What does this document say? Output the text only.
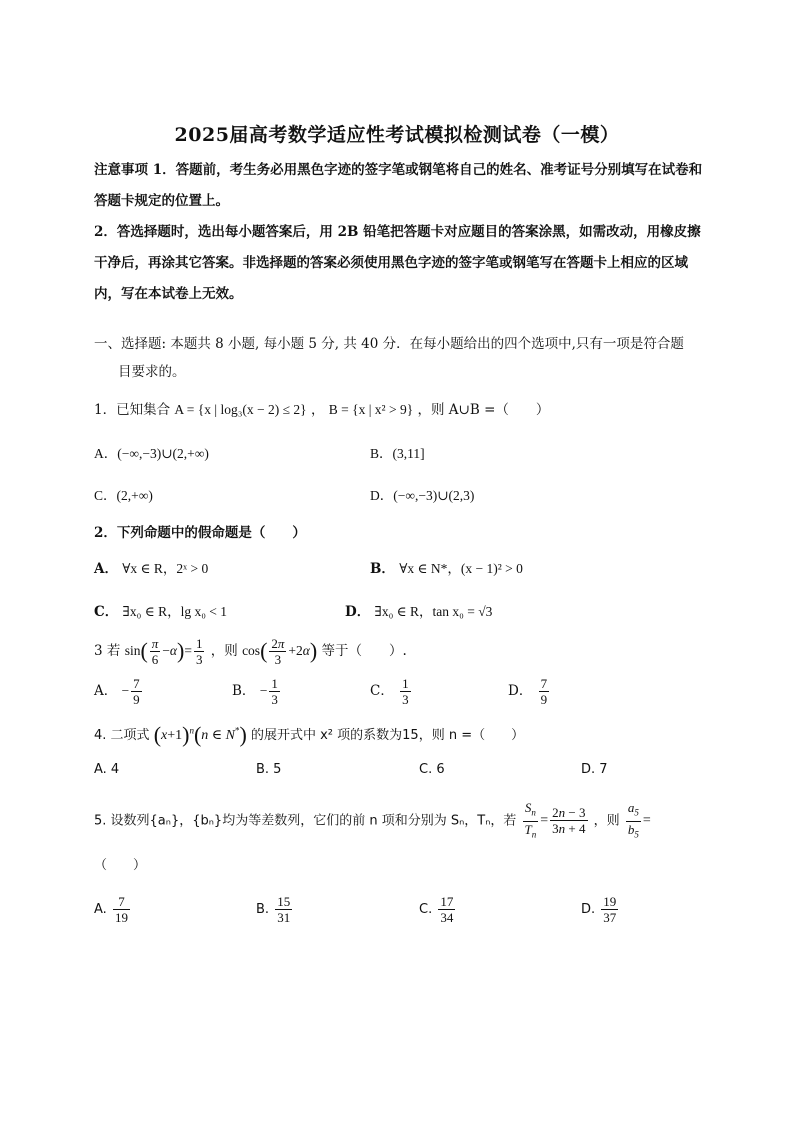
2025届高考数学适应性考试模拟检测试卷（一模）

注意事项 1．答题前，考生务必用黑色字迹的签字笔或钢笔将自己的姓名、准考证号分别填写在试卷和答题卡规定的位置上。

2．答选择题时，选出每小题答案后，用 2B 铅笔把答题卡对应题目的答案涂黑，如需改动，用橡皮擦干净后，再涂其它答案。非选择题的答案必须使用黑色字迹的签字笔或钢笔写在答题卡上相应的区域内，写在本试卷上无效。

一、选择题: 本题共 8 小题, 每小题 5 分, 共 40 分．在每小题给出的四个选项中,只有一项是符合题
目要求的。
1．已知集合 A = {x | log₃(x − 2) ≤ 2} ， B = {x | x² > 9} ，则 A∪B =（　　）
A．(−∞,−3)∪(2,+∞)	B．(3,11]
C．(2,+∞)	D．(−∞,−3)∪(2,3)
2．下列命题中的假命题是（　　）
A． ∀x ∈ R，2ˣ > 0	B． ∀x ∈ N*，(x − 1)² > 0
C． ∃x₀ ∈ R，lg x₀ < 1	D． ∃x₀ ∈ R，tan x₀ = √3
3 若 $\sin( \frac{\pi}{6} -\alpha)= \frac{1}{3}$ ，则 $\cos( \frac{2\pi}{3} +2\alpha)$ 等于（　　）.
A． − $\frac{7}{9}$	B． − $\frac{1}{3}$	C． $\frac{1}{3}$	D． $\frac{7}{9}$
4. 二项式 $(x+1)^n(n$ ∈ N*) 的展开式中 x² 项的系数为15，则 n =（　　）
A. 4	B. 5	C. 6	D. 7
5. 设数列{aₙ}，{bₙ}均为等差数列，它们的前 n 项和分别为 Sₙ，Tₙ，若 $\frac{S_n}{T_n} = \frac{2n - 3}{3n + 4}$ ，则 $\frac{a_5}{b_5}$ =
（　　）
A. $\frac{7}{19}$	B. $\frac{15}{31}$	C. $\frac{17}{34}$	D. $\frac{19}{37}$
